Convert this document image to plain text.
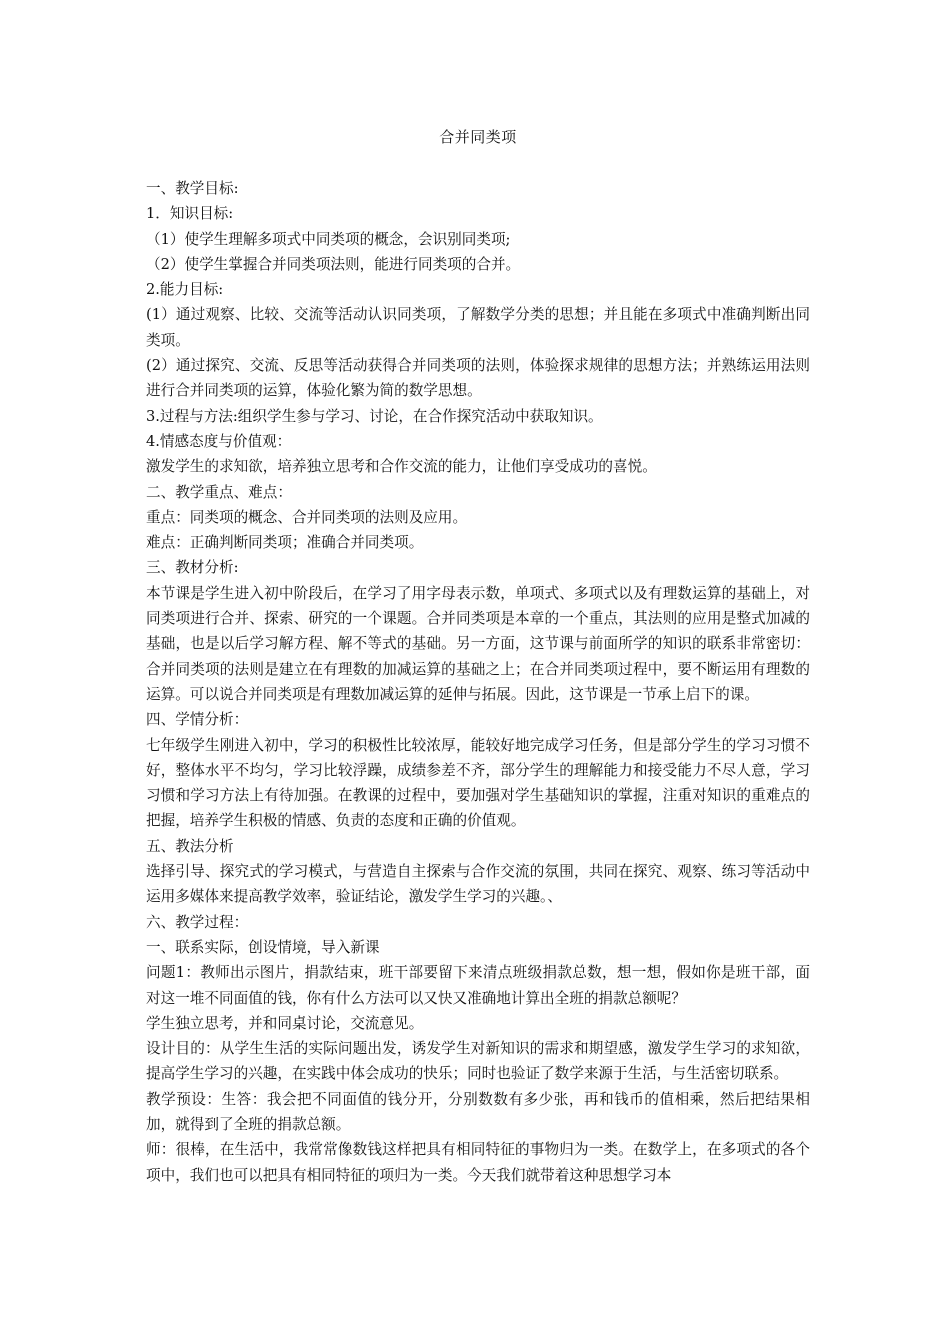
合并同类项

一、教学目标:

1．知识目标:

（1）使学生理解多项式中同类项的概念，会识别同类项;

（2）使学生掌握合并同类项法则，能进行同类项的合并。

2.能力目标:

(1）通过观察、比较、交流等活动认识同类项，了解数学分类的思想；并且能在多项式中准确判断出同类项。

(2）通过探究、交流、反思等活动获得合并同类项的法则，体验探求规律的思想方法；并熟练运用法则进行合并同类项的运算，体验化繁为简的数学思想。

3.过程与方法:组织学生参与学习、讨论，在合作探究活动中获取知识。

4.情感态度与价值观：

激发学生的求知欲，培养独立思考和合作交流的能力，让他们享受成功的喜悦。

二、教学重点、难点：

重点：同类项的概念、合并同类项的法则及应用。

难点：正确判断同类项；准确合并同类项。

三、教材分析:

本节课是学生进入初中阶段后，在学习了用字母表示数，单项式、多项式以及有理数运算的基础上，对同类项进行合并、探索、研究的一个课题。合并同类项是本章的一个重点，其法则的应用是整式加减的基础，也是以后学习解方程、解不等式的基础。另一方面，这节课与前面所学的知识的联系非常密切：合并同类项的法则是建立在有理数的加减运算的基础之上；在合并同类项过程中，要不断运用有理数的运算。可以说合并同类项是有理数加减运算的延伸与拓展。因此，这节课是一节承上启下的课。

四、学情分析：

七年级学生刚进入初中，学习的积极性比较浓厚，能较好地完成学习任务，但是部分学生的学习习惯不好，整体水平不均匀，学习比较浮躁，成绩参差不齐，部分学生的理解能力和接受能力不尽人意，学习习惯和学习方法上有待加强。在教课的过程中，要加强对学生基础知识的掌握，注重对知识的重难点的把握，培养学生积极的情感、负责的态度和正确的价值观。

五、教法分析

选择引导、探究式的学习模式，与营造自主探索与合作交流的氛围，共同在探究、观察、练习等活动中运用多媒体来提高教学效率，验证结论，激发学生学习的兴趣。、

六、教学过程：

一、联系实际，创设情境，导入新课

问题1：教师出示图片，捐款结束，班干部要留下来清点班级捐款总数，想一想，假如你是班干部，面对这一堆不同面值的钱，你有什么方法可以又快又准确地计算出全班的捐款总额呢？

学生独立思考，并和同桌讨论，交流意见。

设计目的：从学生生活的实际问题出发，诱发学生对新知识的需求和期望感，激发学生学习的求知欲，提高学生学习的兴趣，在实践中体会成功的快乐；同时也验证了数学来源于生活，与生活密切联系。

教学预设：生答：我会把不同面值的钱分开，分别数数有多少张，再和钱币的值相乘，然后把结果相加，就得到了全班的捐款总额。

师：很棒，在生活中，我常常像数钱这样把具有相同特征的事物归为一类。在数学上，在多项式的各个项中，我们也可以把具有相同特征的项归为一类。今天我们就带着这种思想学习本
